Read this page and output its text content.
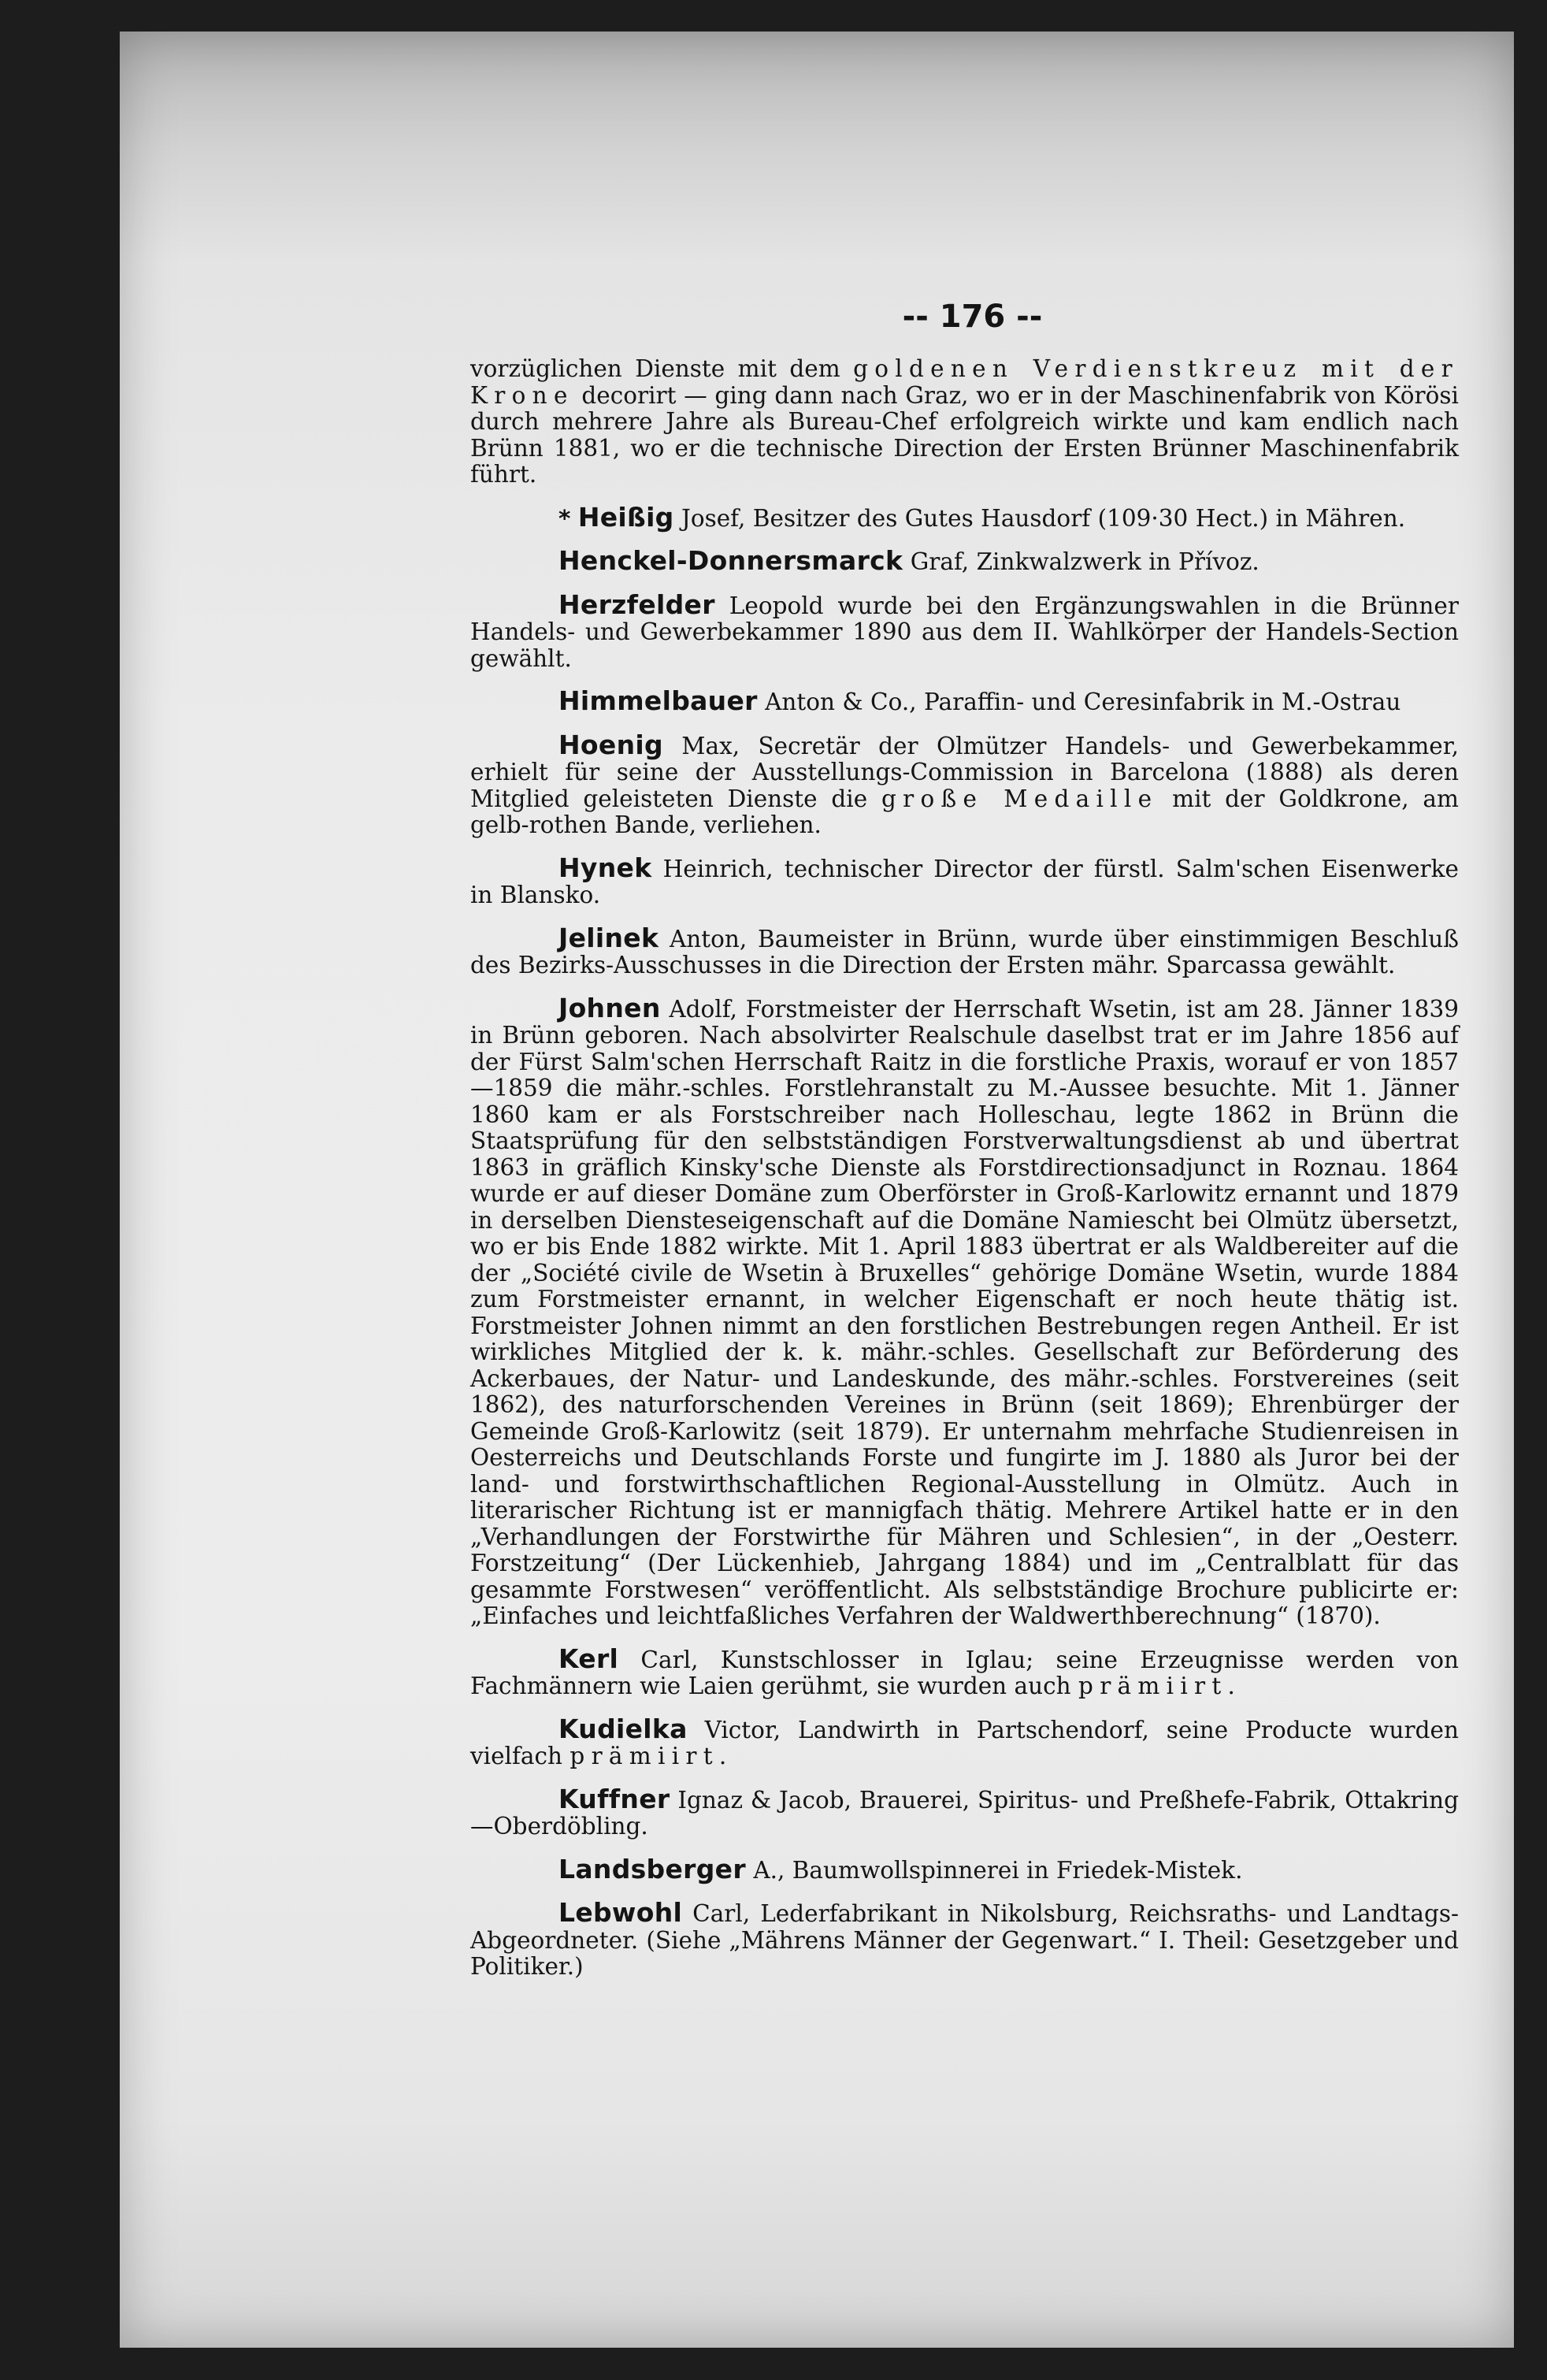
-- 176 --

vorzüglichen Dienste mit dem goldenen Verdienstkreuz mit der Krone decorirt — ging dann nach Graz, wo er in der Maschinenfabrik von Körösi durch mehrere Jahre als Bureau-Chef erfolgreich wirkte und kam endlich nach Brünn 1881, wo er die technische Direction der Ersten Brünner Maschinenfabrik führt.

* Heißig Josef, Besitzer des Gutes Hausdorf (109·30 Hect.) in Mähren.

Henckel-Donnersmarck Graf, Zinkwalzwerk in Přívoz.

Herzfelder Leopold wurde bei den Ergänzungswahlen in die Brünner Handels- und Gewerbekammer 1890 aus dem II. Wahlkörper der Handels-Section gewählt.

Himmelbauer Anton & Co., Paraffin- und Ceresinfabrik in M.-Ostrau

Hoenig Max, Secretär der Olmützer Handels- und Gewerbekammer, erhielt für seine der Ausstellungs-Commission in Barcelona (1888) als deren Mitglied geleisteten Dienste die große Medaille mit der Goldkrone, am gelb-rothen Bande, verliehen.

Hynek Heinrich, technischer Director der fürstl. Salm'schen Eisenwerke in Blansko.

Jelinek Anton, Baumeister in Brünn, wurde über einstimmigen Beschluß des Bezirks-Ausschusses in die Direction der Ersten mähr. Sparcassa gewählt.

Johnen Adolf, Forstmeister der Herrschaft Wsetin, ist am 28. Jänner 1839 in Brünn geboren. Nach absolvirter Realschule daselbst trat er im Jahre 1856 auf der Fürst Salm'schen Herrschaft Raitz in die forstliche Praxis, worauf er von 1857—1859 die mähr.-schles. Forstlehranstalt zu M.-Aussee besuchte. Mit 1. Jänner 1860 kam er als Forstschreiber nach Holleschau, legte 1862 in Brünn die Staatsprüfung für den selbstständigen Forstverwaltungsdienst ab und übertrat 1863 in gräflich Kinsky'sche Dienste als Forstdirectionsadjunct in Roznau. 1864 wurde er auf dieser Domäne zum Oberförster in Groß-Karlowitz ernannt und 1879 in derselben Diensteseigenschaft auf die Domäne Namiescht bei Olmütz übersetzt, wo er bis Ende 1882 wirkte. Mit 1. April 1883 übertrat er als Waldbereiter auf die der „Société civile de Wsetin à Bruxelles“ gehörige Domäne Wsetin, wurde 1884 zum Forstmeister ernannt, in welcher Eigenschaft er noch heute thätig ist. Forstmeister Johnen nimmt an den forstlichen Bestrebungen regen Antheil. Er ist wirkliches Mitglied der k. k. mähr.-schles. Gesellschaft zur Beförderung des Ackerbaues, der Natur- und Landeskunde, des mähr.-schles. Forstvereines (seit 1862), des naturforschenden Vereines in Brünn (seit 1869); Ehrenbürger der Gemeinde Groß-Karlowitz (seit 1879). Er unternahm mehrfache Studienreisen in Oesterreichs und Deutschlands Forste und fungirte im J. 1880 als Juror bei der land- und forstwirthschaftlichen Regional-Ausstellung in Olmütz. Auch in literarischer Richtung ist er mannigfach thätig. Mehrere Artikel hatte er in den „Verhandlungen der Forstwirthe für Mähren und Schlesien“, in der „Oesterr. Forstzeitung“ (Der Lückenhieb, Jahrgang 1884) und im „Centralblatt für das gesammte Forstwesen“ veröffentlicht. Als selbstständige Brochure publicirte er: „Einfaches und leichtfaßliches Verfahren der Waldwerthberechnung“ (1870).

Kerl Carl, Kunstschlosser in Iglau; seine Erzeugnisse werden von Fachmännern wie Laien gerühmt, sie wurden auch prämiirt.

Kudielka Victor, Landwirth in Partschendorf, seine Producte wurden vielfach prämiirt.

Kuffner Ignaz & Jacob, Brauerei, Spiritus- und Preßhefe-Fabrik, Ottakring—Oberdöbling.

Landsberger A., Baumwollspinnerei in Friedek-Mistek.

Lebwohl Carl, Lederfabrikant in Nikolsburg, Reichsraths- und Landtags-Abgeordneter. (Siehe „Mährens Männer der Gegenwart.“ I. Theil: Gesetzgeber und Politiker.)
